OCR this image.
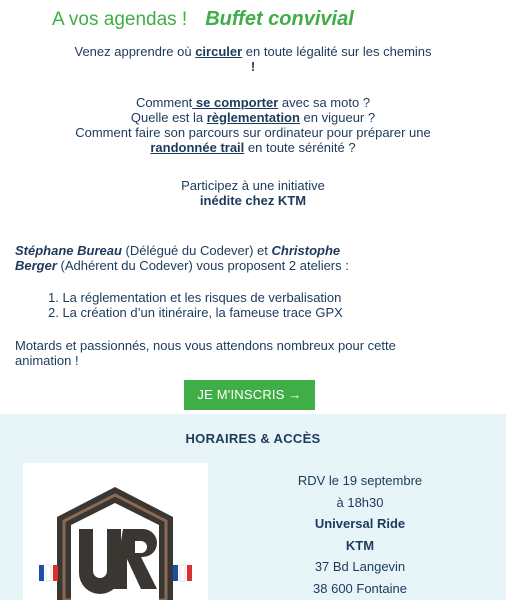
A vos agendas ! Buffet convivial
Venez apprendre où circuler en toute légalité sur les chemins
!
Comment se comporter avec sa moto ?
Quelle est la règlementation en vigueur ?
Comment faire son parcours sur ordinateur pour préparer une
randonnée trail en toute sérénité ?
Participez à une initiative
inédite chez KTM
Stéphane Bureau (Délégué du Codever) et Christophe
Berger (Adhérent du Codever) vous proposent 2 ateliers :
1. La réglementation et les risques de verbalisation
2. La création d’un itinéraire, la fameuse trace GPX
Motards et passionnés, nous vous attendons nombreux pour cette
animation !
JE M'INSCRIS →
HORAIRES & ACCÈS
RDV le 19 septembre
à 18h30
Universal Ride
KTM
37 Bd Langevin
38 600 Fontaine
